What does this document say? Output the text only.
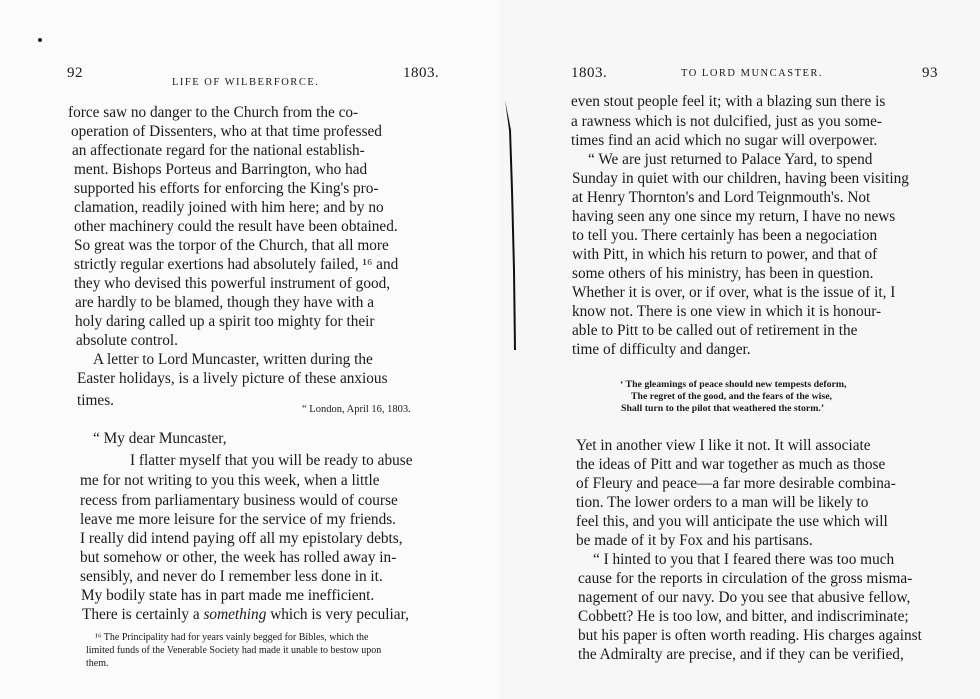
92
LIFE OF WILBERFORCE.
1803.
force saw no danger to the Church from the co-
operation of Dissenters, who at that time professed
an affectionate regard for the national establish-
ment. Bishops Porteus and Barrington, who had
supported his efforts for enforcing the King's pro-
clamation, readily joined with him here; and by no
other machinery could the result have been obtained.
So great was the torpor of the Church, that all more
strictly regular exertions had absolutely failed, ¹⁶ and
they who devised this powerful instrument of good,
are hardly to be blamed, though they have with a
holy daring called up a spirit too mighty for their
absolute control.
A letter to Lord Muncaster, written during the
Easter holidays, is a lively picture of these anxious
times.
“ London, April 16, 1803.
“ My dear Muncaster,
I flatter myself that you will be ready to abuse
me for not writing to you this week, when a little
recess from parliamentary business would of course
leave me more leisure for the service of my friends.
I really did intend paying off all my epistolary debts,
but somehow or other, the week has rolled away in-
sensibly, and never do I remember less done in it.
My bodily state has in part made me inefficient.
There is certainly a something which is very peculiar,
¹⁶ The Principality had for years vainly begged for Bibles, which the
limited funds of the Venerable Society had made it unable to bestow upon
them.
1803.	TO LORD MUNCASTER.	93
even stout people feel it; with a blazing sun there is
a rawness which is not dulcified, just as you some-
times find an acid which no sugar will overpower.
“ We are just returned to Palace Yard, to spend
Sunday in quiet with our children, having been visiting
at Henry Thornton's and Lord Teignmouth's. Not
having seen any one since my return, I have no news
to tell you. There certainly has been a negociation
with Pitt, in which his return to power, and that of
some others of his ministry, has been in question.
Whether it is over, or if over, what is the issue of it, I
know not. There is one view in which it is honour-
able to Pitt to be called out of retirement in the
time of difficulty and danger.
‘ The gleamings of peace should new tempests deform,
The regret of the good, and the fears of the wise,
Shall turn to the pilot that weathered the storm.’
Yet in another view I like it not. It will associate
the ideas of Pitt and war together as much as those
of Fleury and peace—a far more desirable combina-
tion. The lower orders to a man will be likely to
feel this, and you will anticipate the use which will
be made of it by Fox and his partisans.
“ I hinted to you that I feared there was too much
cause for the reports in circulation of the gross misma-
nagement of our navy. Do you see that abusive fellow,
Cobbett? He is too low, and bitter, and indiscriminate;
but his paper is often worth reading. His charges against
the Admiralty are precise, and if they can be verified,
